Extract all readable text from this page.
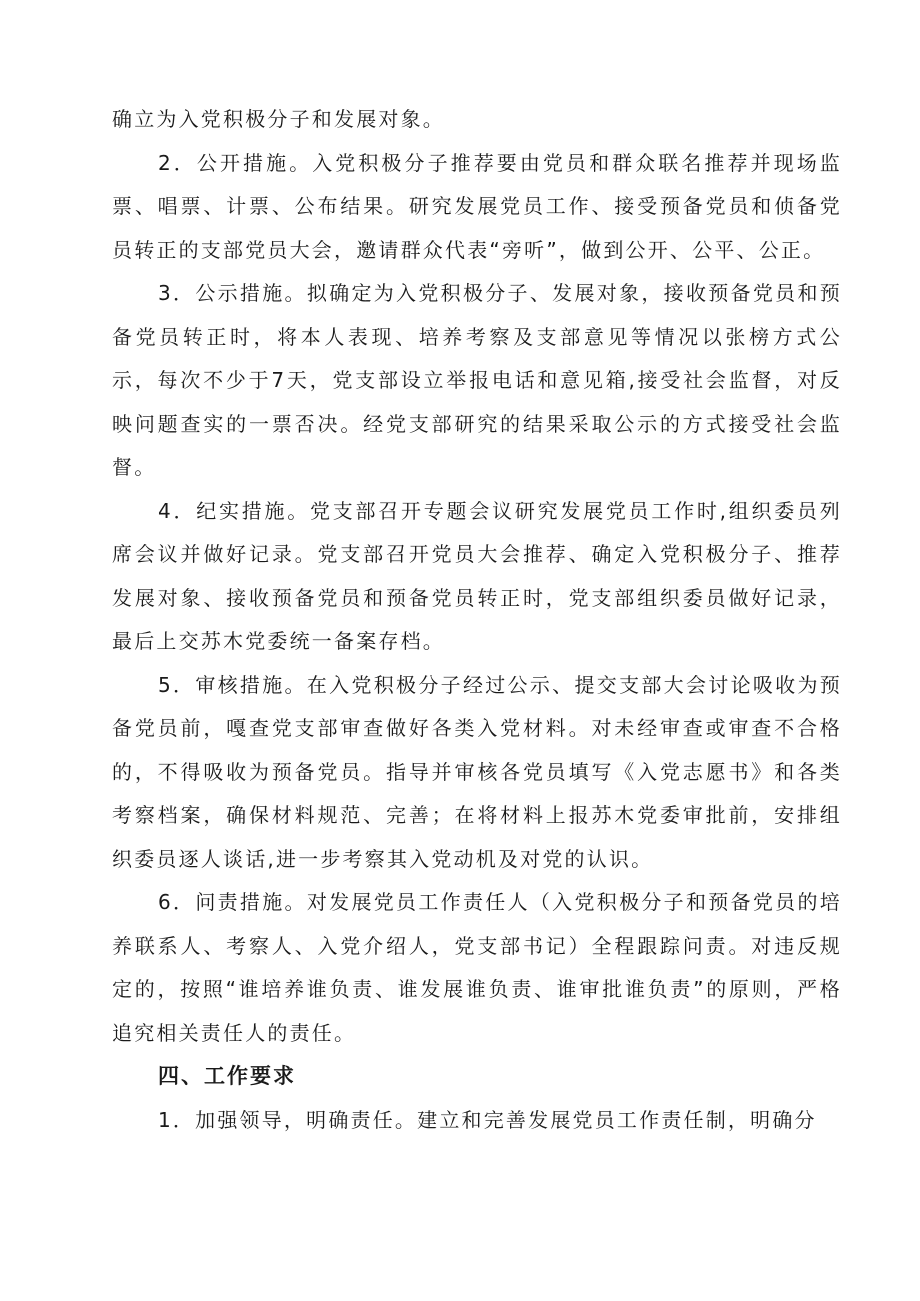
确立为入党积极分子和发展对象。

2．公开措施。入党积极分子推荐要由党员和群众联名推荐并现场监票、唱票、计票、公布结果。研究发展党员工作、接受预备党员和侦备党员转正的支部党员大会，邀请群众代表“旁听”，做到公开、公平、公正。

3．公示措施。拟确定为入党积极分子、发展对象，接收预备党员和预备党员转正时，将本人表现、培养考察及支部意见等情况以张榜方式公示，每次不少于7天，党支部设立举报电话和意见箱,接受社会监督，对反映问题查实的一票否决。经党支部研究的结果采取公示的方式接受社会监督。

4．纪实措施。党支部召开专题会议研究发展党员工作时,组织委员列席会议并做好记录。党支部召开党员大会推荐、确定入党积极分子、推荐发展对象、接收预备党员和预备党员转正时，党支部组织委员做好记录，最后上交苏木党委统一备案存档。

5．审核措施。在入党积极分子经过公示、提交支部大会讨论吸收为预备党员前，嘎查党支部审查做好各类入党材料。对未经审查或审查不合格的，不得吸收为预备党员。指导并审核各党员填写《入党志愿书》和各类考察档案，确保材料规范、完善；在将材料上报苏木党委审批前，安排组织委员逐人谈话,进一步考察其入党动机及对党的认识。

6．问责措施。对发展党员工作责任人（入党积极分子和预备党员的培养联系人、考察人、入党介绍人，党支部书记）全程跟踪问责。对违反规定的，按照“谁培养谁负责、谁发展谁负责、谁审批谁负责”的原则，严格追究相关责任人的责任。

四、工作要求

1．加强领导，明确责任。建立和完善发展党员工作责任制，明确分
